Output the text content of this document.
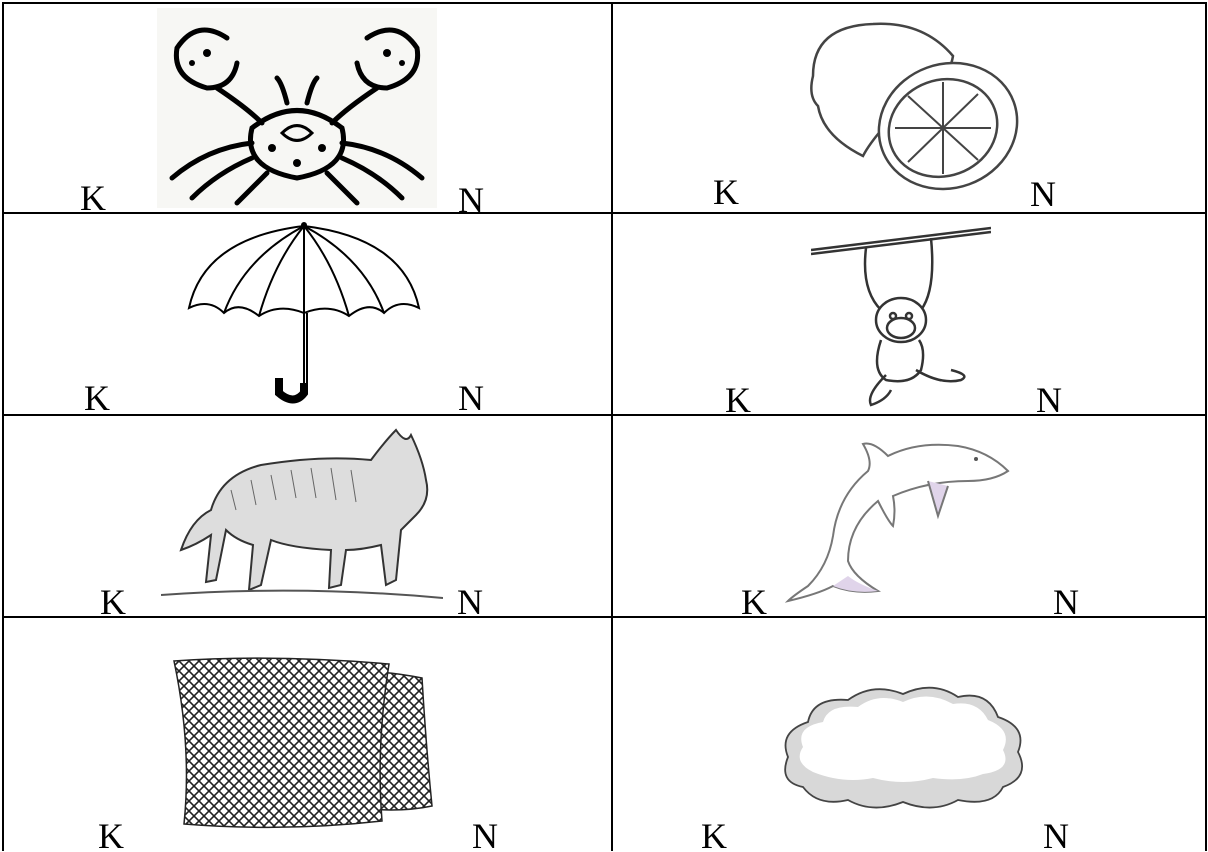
K	N	K	N
K	N	K	N
K	N	K	N
K	N	K	N
